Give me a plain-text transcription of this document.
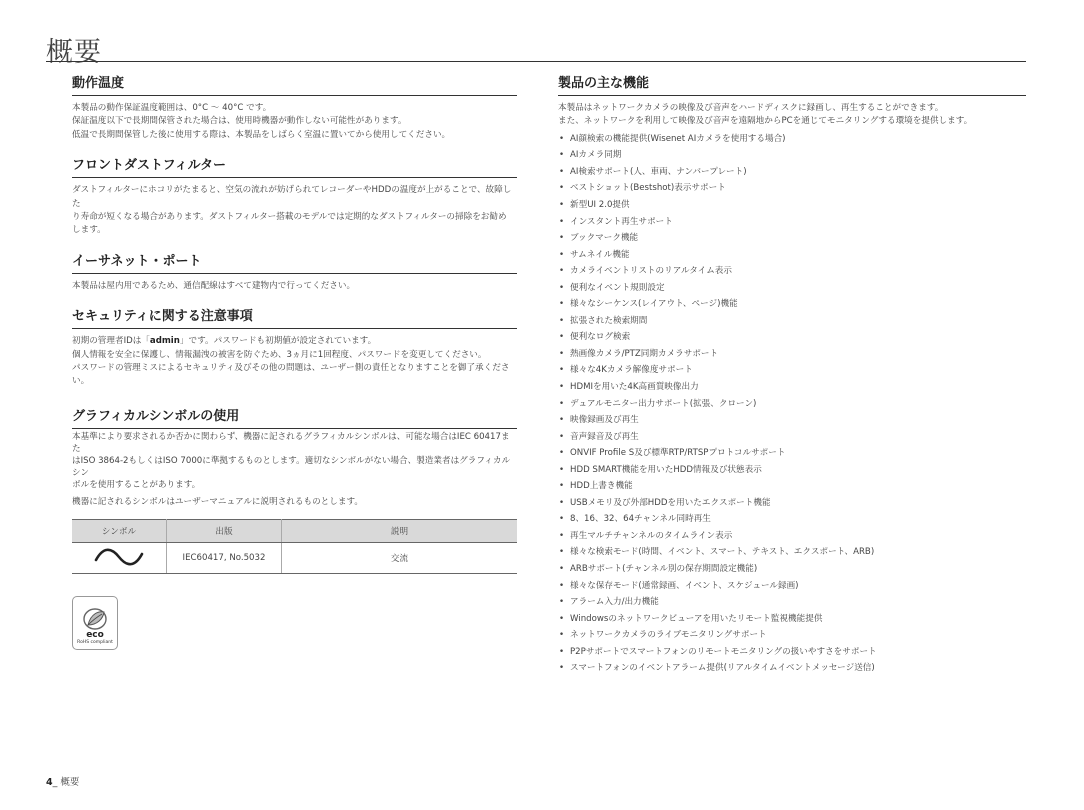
概要
動作温度

本製品の動作保証温度範囲は、0°C ～ 40°C です。

保証温度以下で長期間保管された場合は、使用時機器が動作しない可能性があります。

低温で長期間保管した後に使用する際は、本製品をしばらく室温に置いてから使用してください。

フロントダストフィルター

ダストフィルターにホコリがたまると、空気の流れが妨げられてレコーダーやHDDの温度が上がることで、故障した

り寿命が短くなる場合があります。ダストフィルター搭載のモデルでは定期的なダストフィルターの掃除をお勧め

します。

イーサネット・ポート

本製品は屋内用であるため、通信配線はすべて建物内で行ってください。

セキュリティに関する注意事項

初期の管理者IDは「admin」です。パスワードも初期値が設定されています。

個人情報を安全に保護し、情報漏洩の被害を防ぐため、3ヵ月に1回程度、パスワードを変更してください。

パスワードの管理ミスによるセキュリティ及びその他の問題は、ユーザー側の責任となりますことを御了承くださ

い。

グラフィカルシンボルの使用

本基準により要求されるか否かに関わらず、機器に記されるグラフィカルシンボルは、可能な場合はIEC 60417また

はISO 3864-2もしくはISO 7000に準拠するものとします。適切なシンボルがない場合、製造業者はグラフィカルシン

ボルを使用することがあります。

機器に記されるシンボルはユーザーマニュアルに説明されるものとします。

シンボル	出版	説明
	IEC60417, No.5032	交流
eco
RoHS compliant
製品の主な機能

本製品はネットワークカメラの映像及び音声をハードディスクに録画し、再生することができます。

また、ネットワークを利用して映像及び音声を遠隔地からPCを通じてモニタリングする環境を提供します。

• AI顔検索の機能提供(Wisenet AIカメラを使用する場合)
• AIカメラ同期
• AI検索サポート(人、車両、ナンバープレート)
• ベストショット(Bestshot)表示サポート
• 新型UI 2.0提供
• インスタント再生サポート
• ブックマーク機能
• サムネイル機能
• カメライベントリストのリアルタイム表示
• 便利なイベント規則設定
• 様々なシーケンス(レイアウト、ページ)機能
• 拡張された検索期間
• 便利なログ検索
• 熱画像カメラ/PTZ同期カメラサポート
• 様々な4Kカメラ解像度サポート
• HDMIを用いた4K高画質映像出力
• デュアルモニター出力サポート(拡張、クローン)
• 映像録画及び再生
• 音声録音及び再生
• ONVIF Profile S及び標準RTP/RTSPプロトコルサポート
• HDD SMART機能を用いたHDD情報及び状態表示
• HDD上書き機能
• USBメモリ及び外部HDDを用いたエクスポート機能
• 8、16、32、64チャンネル同時再生
• 再生マルチチャンネルのタイムライン表示
• 様々な検索モード(時間、イベント、スマート、テキスト、エクスポート、ARB)
• ARBサポート(チャンネル別の保存期間設定機能)
• 様々な保存モード(通常録画、イベント、スケジュール録画)
• アラーム入力/出力機能
• Windowsのネットワークビューアを用いたリモート監視機能提供
• ネットワークカメラのライブモニタリングサポート
• P2Pサポートでスマートフォンのリモートモニタリングの扱いやすさをサポート
• スマートフォンのイベントアラーム提供(リアルタイムイベントメッセージ送信)
4_ 概要
